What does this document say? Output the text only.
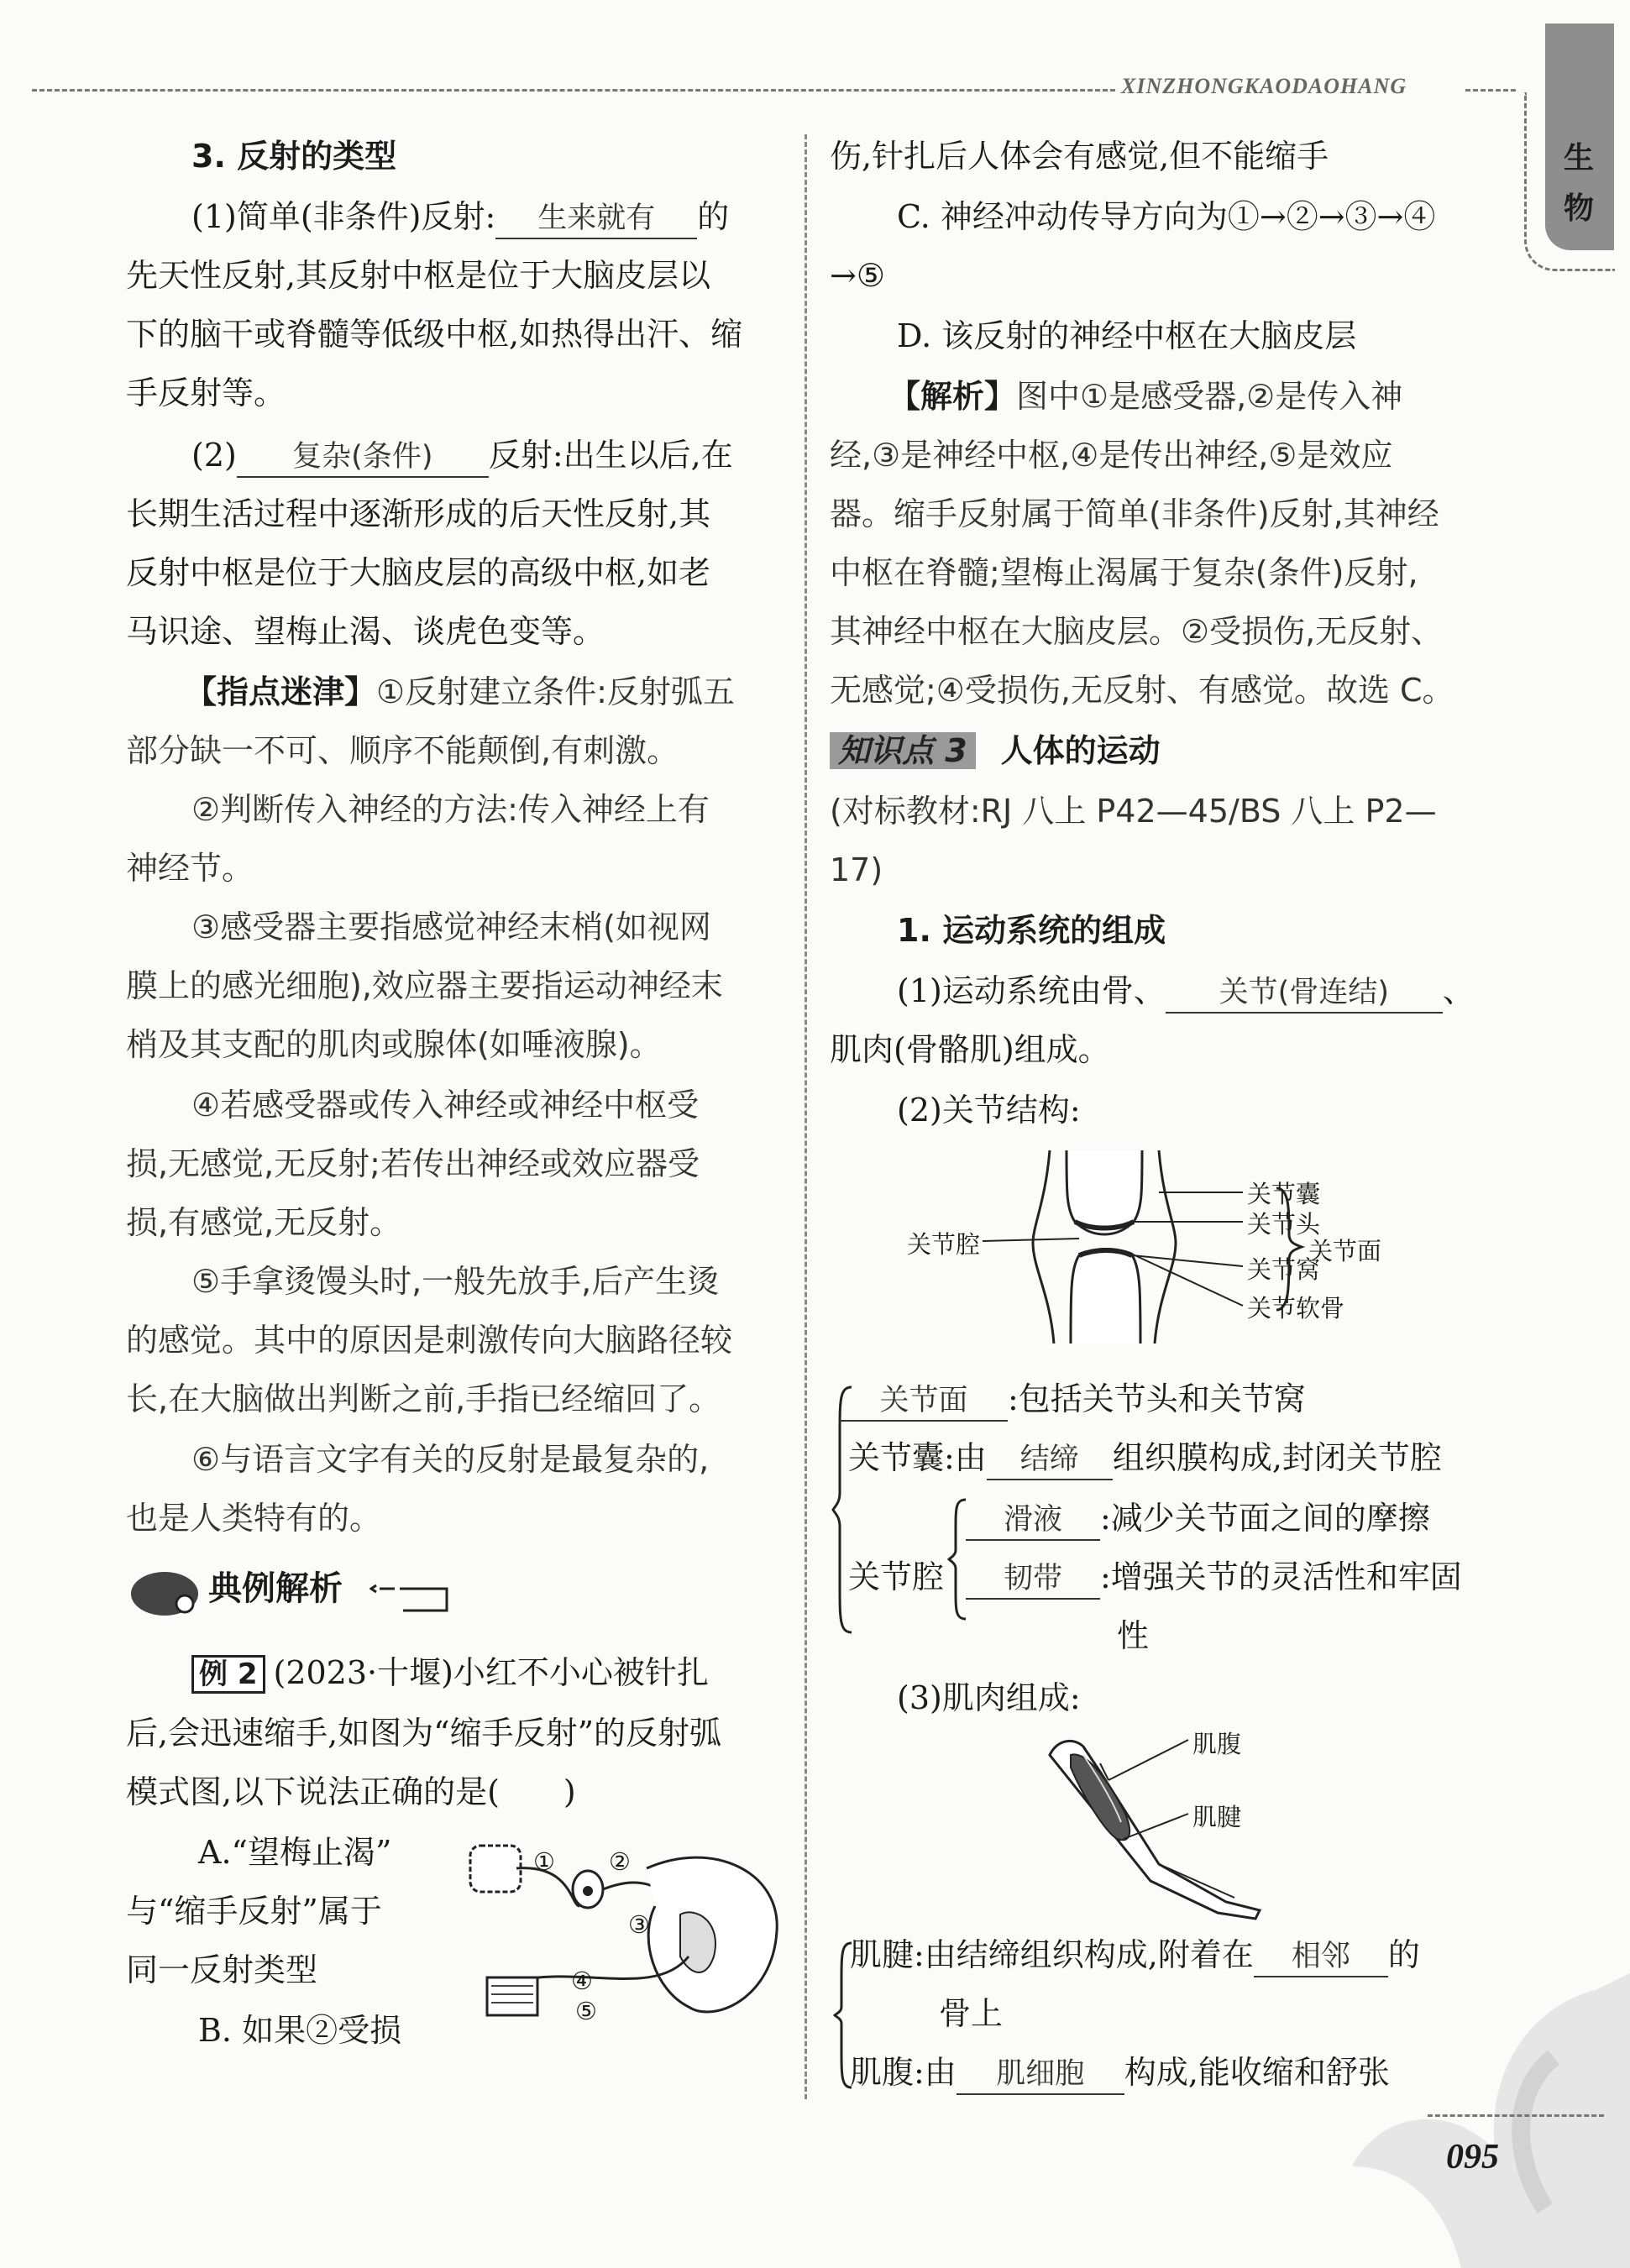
XINZHONGKAODAOHANG
生
物
3. 反射的类型
(1)简单(非条件)反射: 生来就有 的
先天性反射,其反射中枢是位于大脑皮层以
下的脑干或脊髓等低级中枢,如热得出汗、缩
手反射等。
(2) 复杂(条件) 反射:出生以后,在
长期生活过程中逐渐形成的后天性反射,其
反射中枢是位于大脑皮层的高级中枢,如老
马识途、望梅止渴、谈虎色变等。
【指点迷津】①反射建立条件:反射弧五
部分缺一不可、顺序不能颠倒,有刺激。
②判断传入神经的方法:传入神经上有
神经节。
③感受器主要指感觉神经末梢(如视网
膜上的感光细胞),效应器主要指运动神经末
梢及其支配的肌肉或腺体(如唾液腺)。
④若感受器或传入神经或神经中枢受
损,无感觉,无反射;若传出神经或效应器受
损,有感觉,无反射。
⑤手拿烫馒头时,一般先放手,后产生烫
的感觉。其中的原因是刺激传向大脑路径较
长,在大脑做出判断之前,手指已经缩回了。
⑥与语言文字有关的反射是最复杂的,
也是人类特有的。
典例解析
例 2 (2023·十堰)小红不小心被针扎
后,会迅速缩手,如图为“缩手反射”的反射弧
模式图,以下说法正确的是(　　)
A.“望梅止渴”
与“缩手反射”属于
同一反射类型
B. 如果②受损
① ②
③
④
⑤
伤,针扎后人体会有感觉,但不能缩手
C. 神经冲动传导方向为①→②→③→④
→⑤
D. 该反射的神经中枢在大脑皮层
【解析】图中①是感受器,②是传入神
经,③是神经中枢,④是传出神经,⑤是效应
器。缩手反射属于简单(非条件)反射,其神经
中枢在脊髓;望梅止渴属于复杂(条件)反射,
其神经中枢在大脑皮层。②受损伤,无反射、
无感觉;④受损伤,无反射、有感觉。故选 C。
知识点 3 人体的运动
(对标教材:RJ 八上 P42—45/BS 八上 P2—
17)
1. 运动系统的组成
(1)运动系统由骨、 关节(骨连结) 、
肌肉(骨骼肌)组成。
(2)关节结构:
关节腔
关节囊
关节头
关节窝
关节软骨
关节面
关节面 :包括关节头和关节窝
关节囊:由 结缔 组织膜构成,封闭关节腔
关节腔
滑液 :减少关节面之间的摩擦
韧带 :增强关节的灵活性和牢固
性
(3)肌肉组成:
肌腹
肌腱
肌腱:由结缔组织构成,附着在 相邻 的
骨上
肌腹:由 肌细胞 构成,能收缩和舒张
095
